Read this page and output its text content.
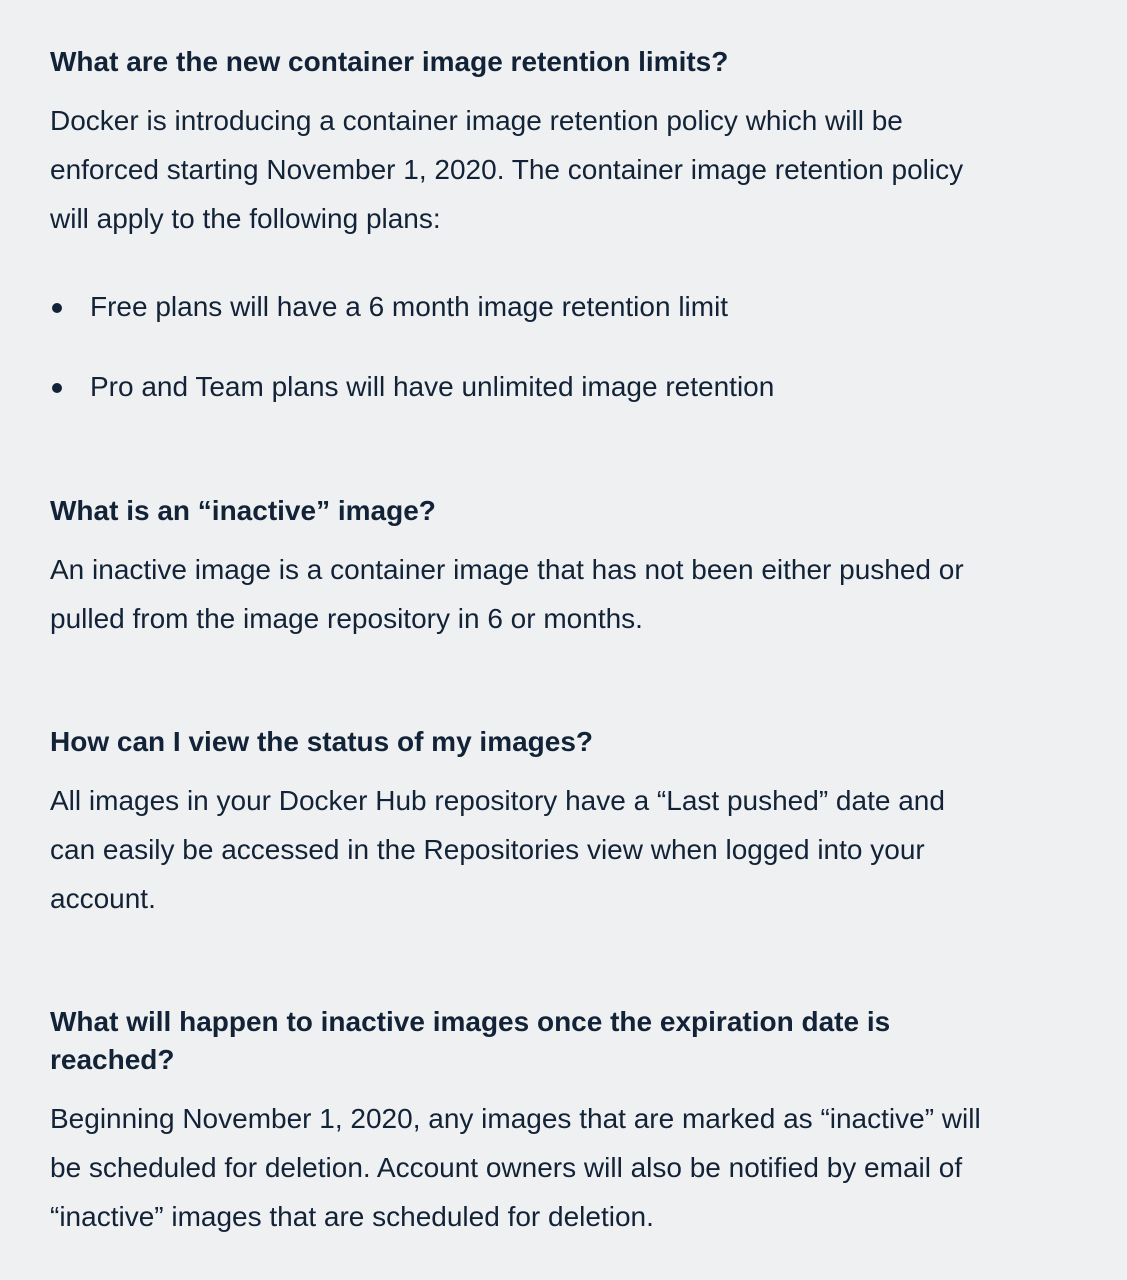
What are the new container image retention limits?

Docker is introducing a container image retention policy which will be
enforced starting November 1, 2020. The container image retention policy
will apply to the following plans:

Free plans will have a 6 month image retention limit
Pro and Team plans will have unlimited image retention
What is an “inactive” image?

An inactive image is a container image that has not been either pushed or
pulled from the image repository in 6 or months.

How can I view the status of my images?

All images in your Docker Hub repository have a “Last pushed” date and
can easily be accessed in the Repositories view when logged into your
account.

What will happen to inactive images once the expiration date is
reached?

Beginning November 1, 2020, any images that are marked as “inactive” will
be scheduled for deletion. Account owners will also be notified by email of
“inactive” images that are scheduled for deletion.
